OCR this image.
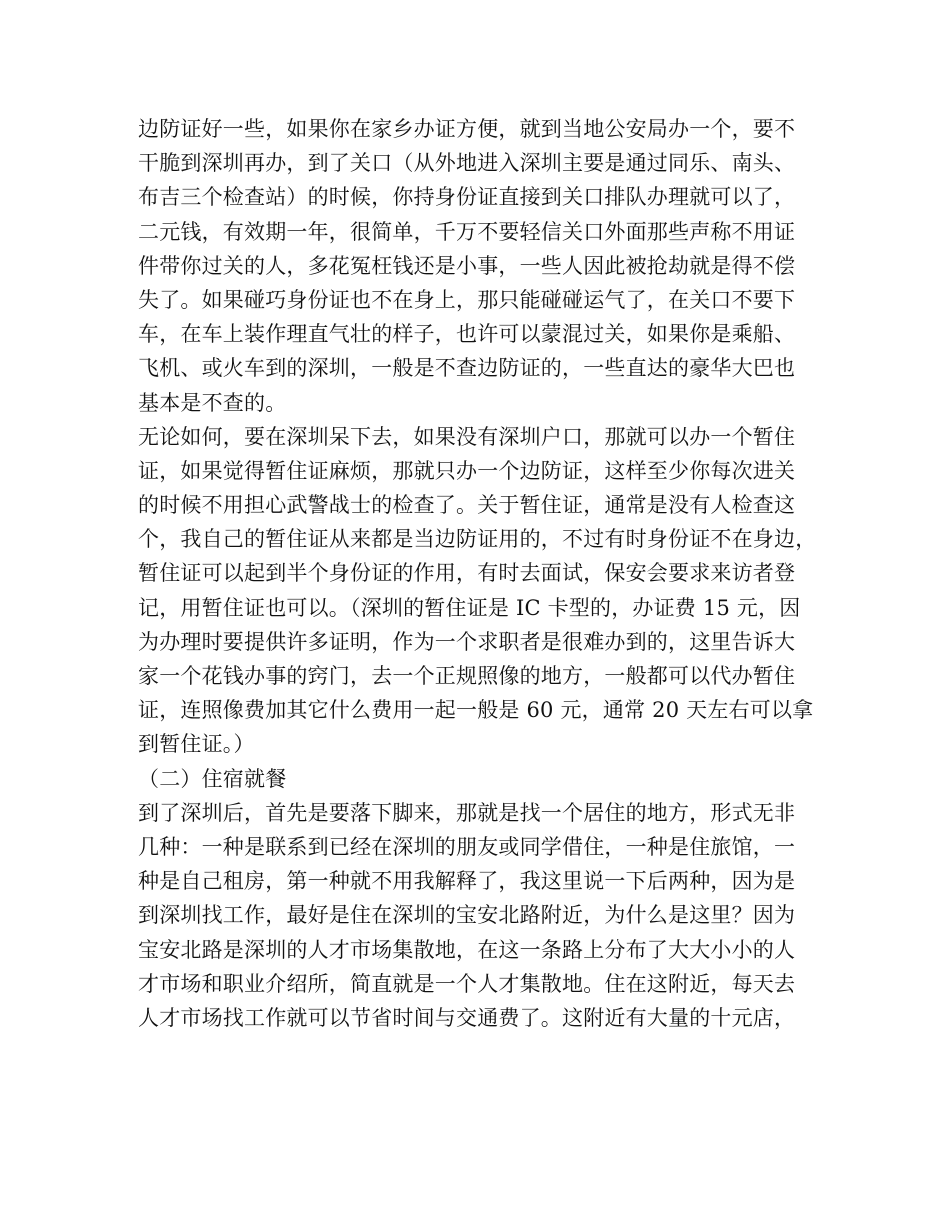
边防证好一些，如果你在家乡办证方便，就到当地公安局办一个，要不
干脆到深圳再办，到了关口（从外地进入深圳主要是通过同乐、南头、
布吉三个检查站）的时候，你持身份证直接到关口排队办理就可以了，
二元钱，有效期一年，很简单，千万不要轻信关口外面那些声称不用证
件带你过关的人，多花冤枉钱还是小事，一些人因此被抢劫就是得不偿
失了。如果碰巧身份证也不在身上，那只能碰碰运气了，在关口不要下
车，在车上装作理直气壮的样子，也许可以蒙混过关，如果你是乘船、
飞机、或火车到的深圳，一般是不查边防证的，一些直达的豪华大巴也
基本是不查的。
无论如何，要在深圳呆下去，如果没有深圳户口，那就可以办一个暂住
证，如果觉得暂住证麻烦，那就只办一个边防证，这样至少你每次进关
的时候不用担心武警战士的检查了。关于暂住证，通常是没有人检查这
个，我自己的暂住证从来都是当边防证用的，不过有时身份证不在身边，
暂住证可以起到半个身份证的作用，有时去面试，保安会要求来访者登
记，用暂住证也可以。（深圳的暂住证是 IC 卡型的，办证费 15 元，因
为办理时要提供许多证明，作为一个求职者是很难办到的，这里告诉大
家一个花钱办事的窍门，去一个正规照像的地方，一般都可以代办暂住
证，连照像费加其它什么费用一起一般是 60 元，通常 20 天左右可以拿
到暂住证。）
（二）住宿就餐
到了深圳后，首先是要落下脚来，那就是找一个居住的地方，形式无非
几种：一种是联系到已经在深圳的朋友或同学借住，一种是住旅馆，一
种是自己租房，第一种就不用我解释了，我这里说一下后两种，因为是
到深圳找工作，最好是住在深圳的宝安北路附近，为什么是这里？因为
宝安北路是深圳的人才市场集散地，在这一条路上分布了大大小小的人
才市场和职业介绍所，简直就是一个人才集散地。住在这附近，每天去
人才市场找工作就可以节省时间与交通费了。这附近有大量的十元店，
